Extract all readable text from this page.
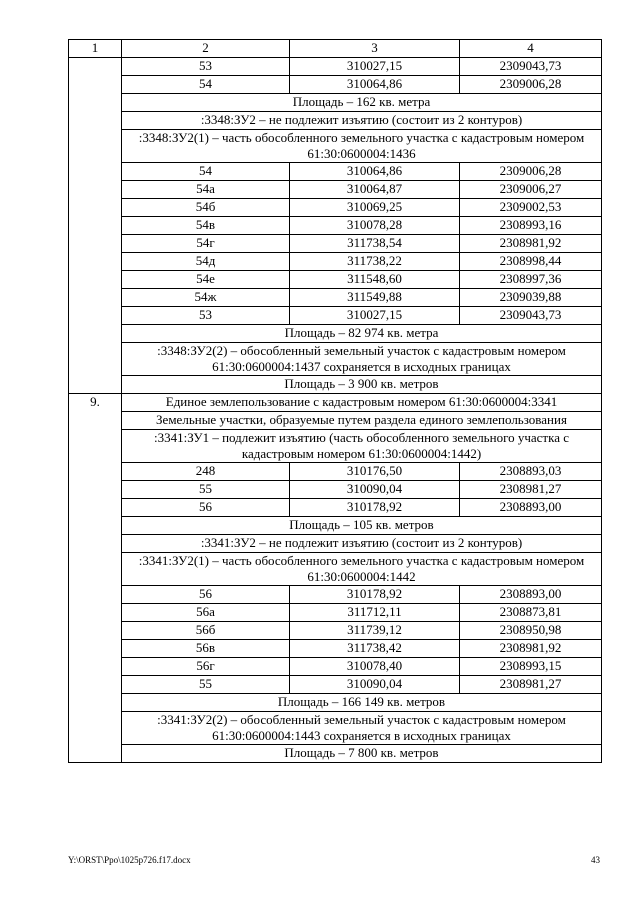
1	2	3	4
	53	310027,15	2309043,73
	54	310064,86	2309006,28
	Площадь – 162 кв. метра		
	:3348:ЗУ2 – не подлежит изъятию (состоит из 2 контуров)		
	:3348:ЗУ2(1) – часть обособленного земельного участка с кадастровым номером 61:30:0600004:1436		
	54	310064,86	2309006,28
	54а	310064,87	2309006,27
	54б	310069,25	2309002,53
	54в	310078,28	2308993,16
	54г	311738,54	2308981,92
	54д	311738,22	2308998,44
	54е	311548,60	2308997,36
	54ж	311549,88	2309039,88
	53	310027,15	2309043,73
	Площадь – 82 974 кв. метра		
	:3348:ЗУ2(2) – обособленный земельный участок с кадастровым номером 61:30:0600004:1437 сохраняется в исходных границах		
	Площадь – 3 900 кв. метров		
9.	Единое землепользование с кадастровым номером 61:30:0600004:3341		
	Земельные участки, образуемые путем раздела единого землепользования		
	:3341:ЗУ1 – подлежит изъятию (часть обособленного земельного участка с кадастровым номером 61:30:0600004:1442)		
	248	310176,50	2308893,03
	55	310090,04	2308981,27
	56	310178,92	2308893,00
	Площадь – 105 кв. метров		
	:3341:ЗУ2 – не подлежит изъятию (состоит из 2 контуров)		
	:3341:ЗУ2(1) – часть обособленного земельного участка с кадастровым номером 61:30:0600004:1442		
	56	310178,92	2308893,00
	56а	311712,11	2308873,81
	56б	311739,12	2308950,98
	56в	311738,42	2308981,92
	56г	310078,40	2308993,15
	55	310090,04	2308981,27
	Площадь – 166 149 кв. метров		
	:3341:ЗУ2(2) – обособленный земельный участок с кадастровым номером 61:30:0600004:1443 сохраняется в исходных границах		
	Площадь – 7 800 кв. метров		
Y:\ORST\Ppo\1025p726.f17.docx	43
